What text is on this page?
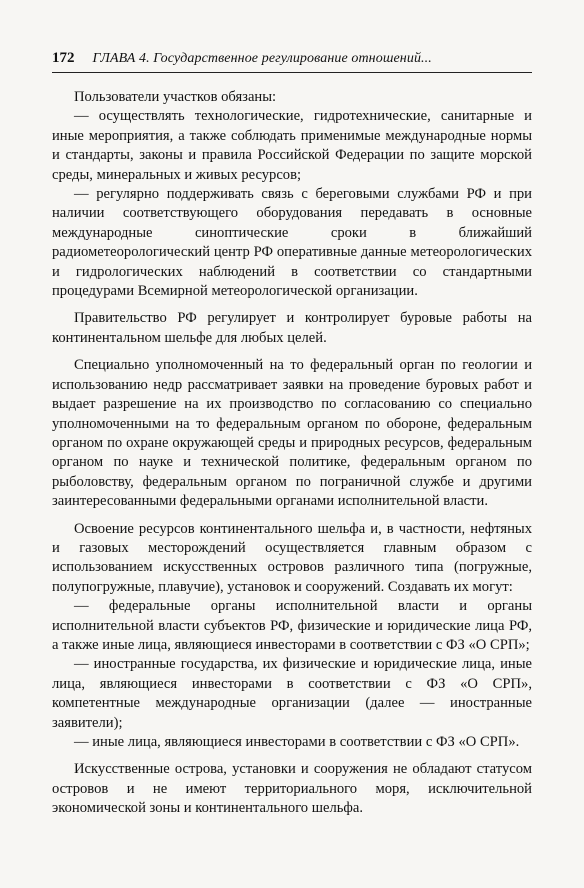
172 ГЛАВА 4. Государственное регулирование отношений...

Пользователи участков обязаны:

— осуществлять технологические, гидротехнические, санитарные и иные мероприятия, а также соблюдать применимые международные нормы и стандарты, законы и правила Российской Федерации по защите морской среды, минеральных и живых ресурсов;

— регулярно поддерживать связь с береговыми службами РФ и при наличии соответствующего оборудования передавать в основные международные синоптические сроки в ближайший радиометеорологический центр РФ оперативные данные метеорологических и гидрологических наблюдений в соответствии со стандартными процедурами Всемирной метеорологической организации.

Правительство РФ регулирует и контролирует буровые работы на континентальном шельфе для любых целей.

Специально уполномоченный на то федеральный орган по геологии и использованию недр рассматривает заявки на проведение буровых работ и выдает разрешение на их производство по согласованию со специально уполномоченными на то федеральным органом по обороне, федеральным органом по охране окружающей среды и природных ресурсов, федеральным органом по науке и технической политике, федеральным органом по рыболовству, федеральным органом по пограничной службе и другими заинтересованными федеральными органами исполнительной власти.

Освоение ресурсов континентального шельфа и, в частности, нефтяных и газовых месторождений осуществляется главным образом с использованием искусственных островов различного типа (погружные, полупогружные, плавучие), установок и сооружений. Создавать их могут:

— федеральные органы исполнительной власти и органы исполнительной власти субъектов РФ, физические и юридические лица РФ, а также иные лица, являющиеся инвесторами в соответствии с ФЗ «О СРП»;

— иностранные государства, их физические и юридические лица, иные лица, являющиеся инвесторами в соответствии с ФЗ «О СРП», компетентные международные организации (далее — иностранные заявители);

— иные лица, являющиеся инвесторами в соответствии с ФЗ «О СРП».

Искусственные острова, установки и сооружения не обладают статусом островов и не имеют территориального моря, исключительной экономической зоны и континентального шельфа.
